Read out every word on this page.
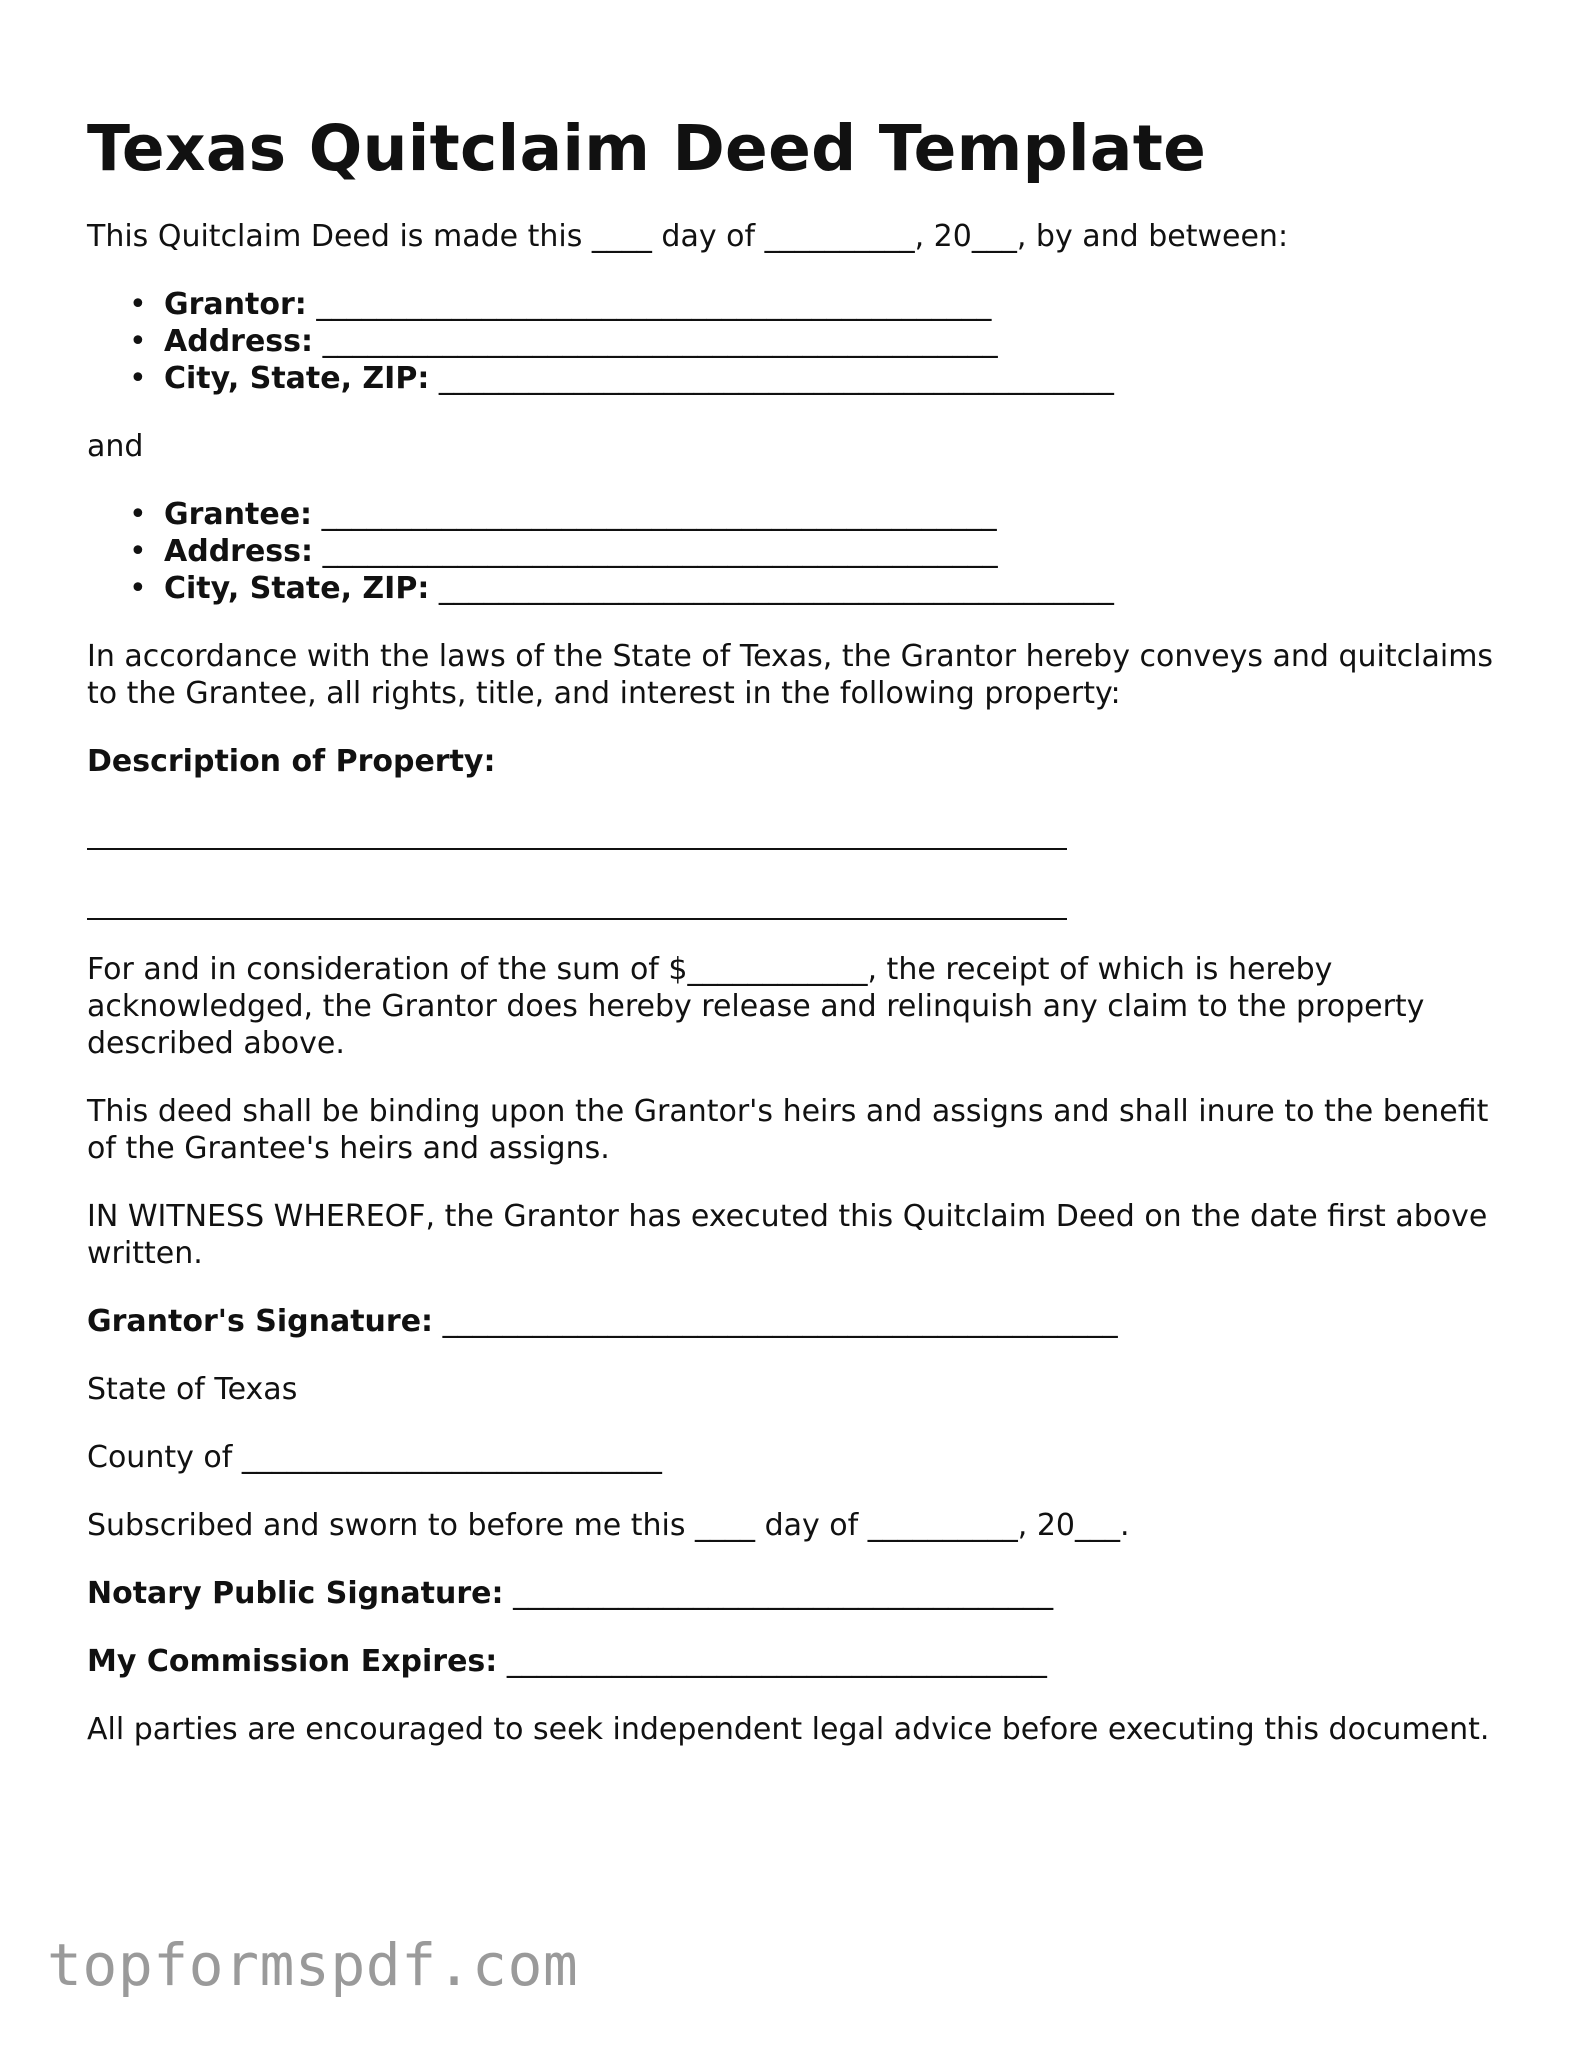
Texas Quitclaim Deed Template

This Quitclaim Deed is made this ____ day of __________, 20___, by and between:

• Grantor: _____________________________________________
• Address: _____________________________________________
• City, State, ZIP: _____________________________________________

and

• Grantee: _____________________________________________
• Address: _____________________________________________
• City, State, ZIP: _____________________________________________

In accordance with the laws of the State of Texas, the Grantor hereby conveys and quitclaims to the Grantee, all rights, title, and interest in the following property:

Description of Property:

For and in consideration of the sum of $____________, the receipt of which is hereby acknowledged, the Grantor does hereby release and relinquish any claim to the property described above.

This deed shall be binding upon the Grantor's heirs and assigns and shall inure to the benefit of the Grantee's heirs and assigns.

IN WITNESS WHEREOF, the Grantor has executed this Quitclaim Deed on the date first above written.

Grantor's Signature: _____________________________________________

State of Texas

County of ____________________________

Subscribed and sworn to before me this ____ day of __________, 20___.

Notary Public Signature: ____________________________________

My Commission Expires: ____________________________________

All parties are encouraged to seek independent legal advice before executing this document.

topformspdf.com
